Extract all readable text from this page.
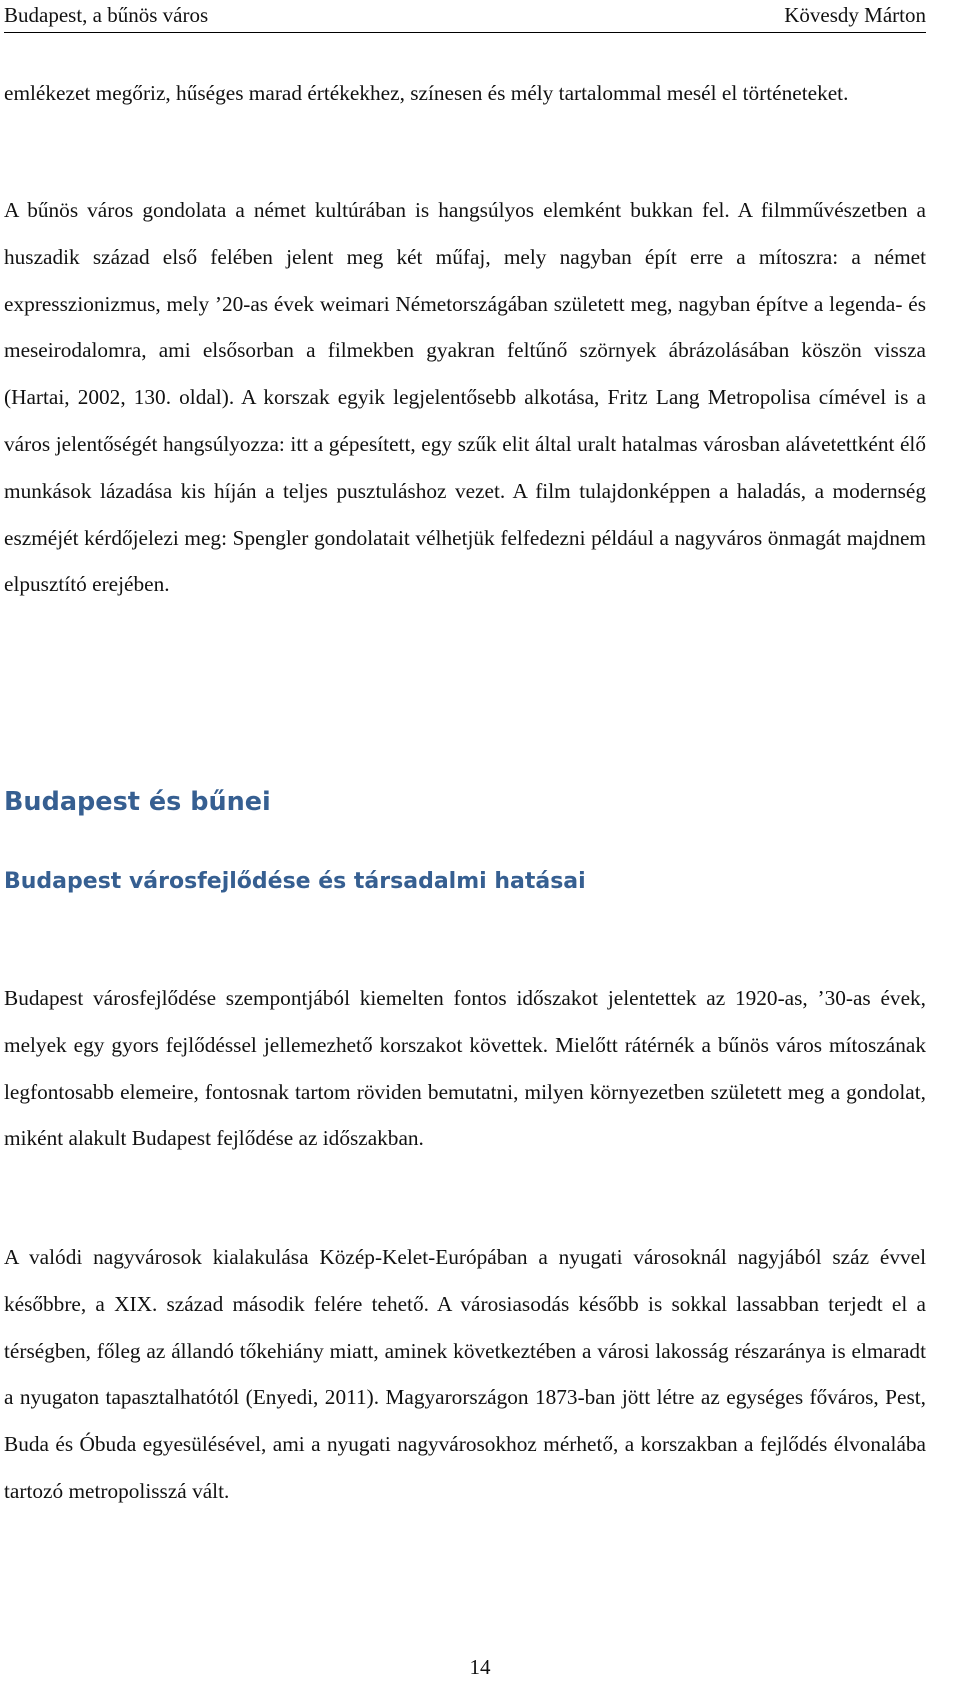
Budapest, a bűnös város	Kövesdy Márton

emlékezet megőriz, hűséges marad értékekhez, színesen és mély tartalommal mesél el történeteket.

A bűnös város gondolata a német kultúrában is hangsúlyos elemként bukkan fel. A filmművészetben a huszadik század első felében jelent meg két műfaj, mely nagyban épít erre a mítoszra: a német expresszionizmus, mely ’20-as évek weimari Németországában született meg, nagyban építve a legenda- és meseirodalomra, ami elsősorban a filmekben gyakran feltűnő szörnyek ábrázolásában köszön vissza (Hartai, 2002, 130. oldal). A korszak egyik legjelentősebb alkotása, Fritz Lang Metropolisa címével is a város jelentőségét hangsúlyozza: itt a gépesített, egy szűk elit által uralt hatalmas városban alávetettként élő munkások lázadása kis híján a teljes pusztuláshoz vezet. A film tulajdonképpen a haladás, a modernség eszméjét kérdőjelezi meg: Spengler gondolatait vélhetjük felfedezni például a nagyváros önmagát majdnem elpusztító erejében.

Budapest és bűnei
Budapest városfejlődése és társadalmi hatásai

Budapest városfejlődése szempontjából kiemelten fontos időszakot jelentettek az 1920-as, ’30-as évek, melyek egy gyors fejlődéssel jellemezhető korszakot követtek. Mielőtt rátérnék a bűnös város mítoszának legfontosabb elemeire, fontosnak tartom röviden bemutatni, milyen környezetben született meg a gondolat, miként alakult Budapest fejlődése az időszakban.

A valódi nagyvárosok kialakulása Közép-Kelet-Európában a nyugati városoknál nagyjából száz évvel későbbre, a XIX. század második felére tehető. A városiasodás később is sokkal lassabban terjedt el a térségben, főleg az állandó tőkehiány miatt, aminek következtében a városi lakosság részaránya is elmaradt a nyugaton tapasztalhatótól (Enyedi, 2011). Magyarországon 1873-ban jött létre az egységes főváros, Pest, Buda és Óbuda egyesülésével, ami a nyugati nagyvárosokhoz mérhető, a korszakban a fejlődés élvonalába tartozó metropolisszá vált.

14
